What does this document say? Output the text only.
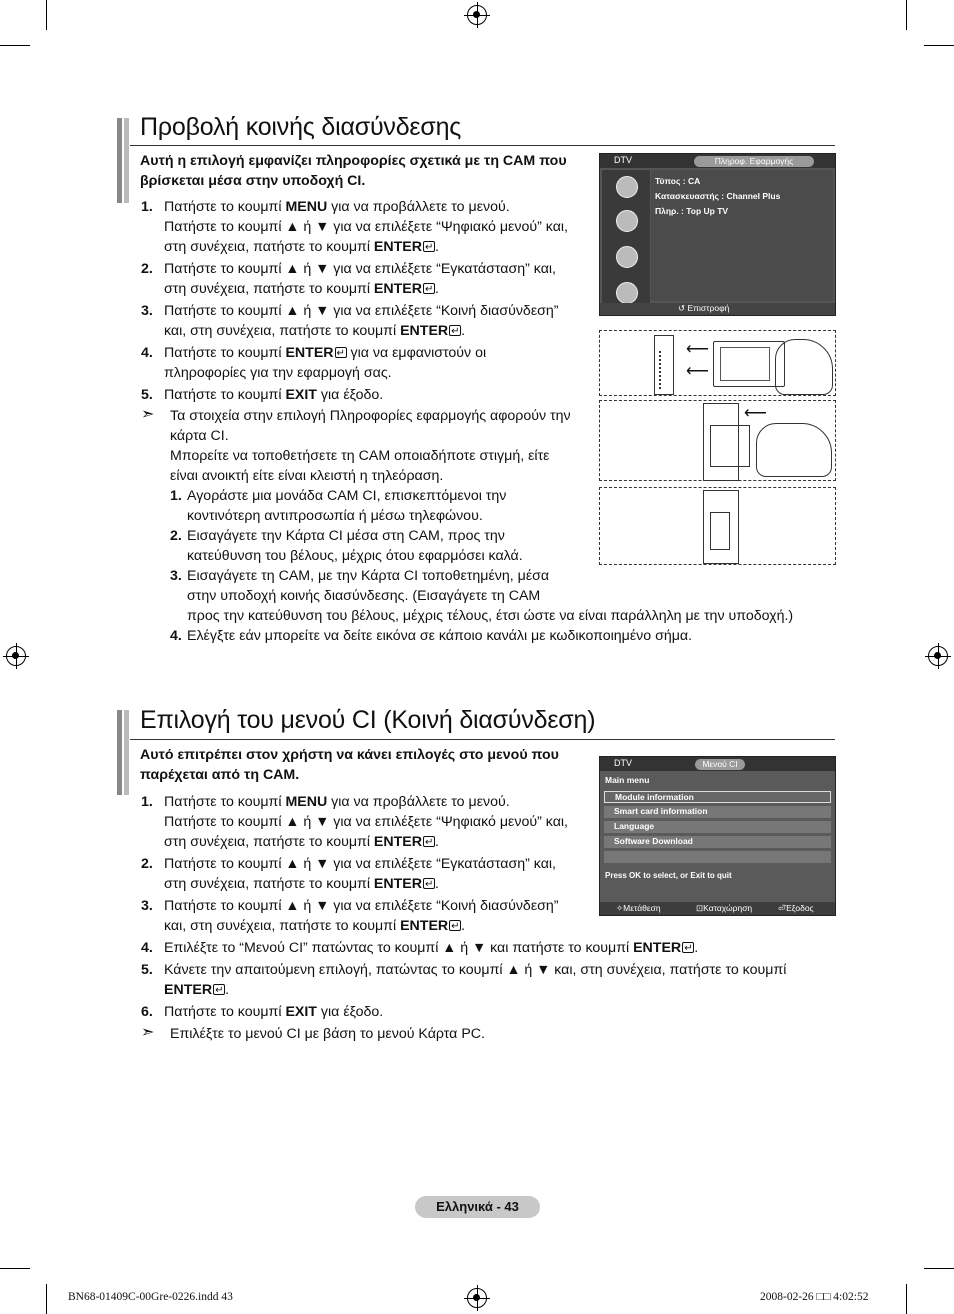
Προβολή κοινής διασύνδεσης
Αυτή η επιλογή εμφανίζει πληροφορίες σχετικά με τη CAM που
βρίσκεται μέσα στην υποδοχή CI.
1. Πατήστε το κουμπί MENU για να προβάλλετε το μενού.
Πατήστε το κουμπί ▲ ή ▼ για να επιλέξετε “Ψηφιακό μενού” και,
στη συνέχεια, πατήστε το κουμπί ENTER ↵ .
2. Πατήστε το κουμπί ▲ ή ▼ για να επιλέξετε “Εγκατάσταση” και,
στη συνέχεια, πατήστε το κουμπί ENTER ↵ .
3. Πατήστε το κουμπί ▲ ή ▼ για να επιλέξετε “Κοινή διασύνδεση”
και, στη συνέχεια, πατήστε το κουμπί ENTER ↵ .
4. Πατήστε το κουμπί ENTER↵ για να εμφανιστούν οι
πληροφορίες για την εφαρμογή σας.
5. Πατήστε το κουμπί EXIT για έξοδο.
➣ Τα στοιχεία στην επιλογή Πληροφορίες εφαρμογής αφορούν την
κάρτα CI.
Μπορείτε να τοποθετήσετε τη CAM οποιαδήποτε στιγμή, είτε
είναι ανοικτή είτε είναι κλειστή η τηλεόραση.
1. Αγοράστε μια μονάδα CAM CI, επισκεπτόμενοι την
κοντινότερη αντιπροσωπία ή μέσω τηλεφώνου.
2. Εισαγάγετε την Κάρτα CI μέσα στη CAM, προς την
κατεύθυνση του βέλους, μέχρις ότου εφαρμόσει καλά.
3. Εισαγάγετε τη CAM, με την Κάρτα CI τοποθετημένη, μέσα
στην υποδοχή κοινής διασύνδεσης. (Εισαγάγετε τη CAM
προς την κατεύθυνση του βέλους, μέχρις τέλους, έτσι ώστε να είναι παράλληλη με την υποδοχή.)
4. Ελέγξτε εάν μπορείτε να δείτε εικόνα σε κάποιο κανάλι με κωδικοποιημένο σήμα.
DTV	Πληροφ. Εφαρμογής
Τύπος : CA
Κατασκευαστής : Channel Plus
Πληρ. : Top Up TV
↺ Επιστροφή
⟵
⟵
⟵
Επιλογή του μενού CI (Κοινή διασύνδεση)
Αυτό επιτρέπει στον χρήστη να κάνει επιλογές στο μενού που
παρέχεται από τη CAM.
1. Πατήστε το κουμπί MENU για να προβάλλετε το μενού.
Πατήστε το κουμπί ▲ ή ▼ για να επιλέξετε “Ψηφιακό μενού” και,
στη συνέχεια, πατήστε το κουμπί ENTER ↵ .
2. Πατήστε το κουμπί ▲ ή ▼ για να επιλέξετε “Εγκατάσταση” και,
στη συνέχεια, πατήστε το κουμπί ENTER ↵ .
3. Πατήστε το κουμπί ▲ ή ▼ για να επιλέξετε “Κοινή διασύνδεση”
και, στη συνέχεια, πατήστε το κουμπί ENTER ↵ .
4. Επιλέξτε το “Μενού CI” πατώντας το κουμπί ▲ ή ▼ και πατήστε το κουμπί ENTER ↵ .
5. Κάνετε την απαιτούμενη επιλογή, πατώντας το κουμπί ▲ ή ▼ και, στη συνέχεια, πατήστε το κουμπί
ENTER ↵ .
6. Πατήστε το κουμπί EXIT για έξοδο.
➣ Επιλέξτε το μενού CI με βάση το μενού Κάρτα PC.
DTV	Μενού CI
Main menu
Module information
Smart card information
Language
Software Download
Press OK to select, or Exit to quit
✧Μετάθεση	⊡Καταχώρηση	⏎Έξοδος
Ελληνικά - 43
BN68-01409C-00Gre-0226.indd 43	2008-02-26 □□ 4:02:52
